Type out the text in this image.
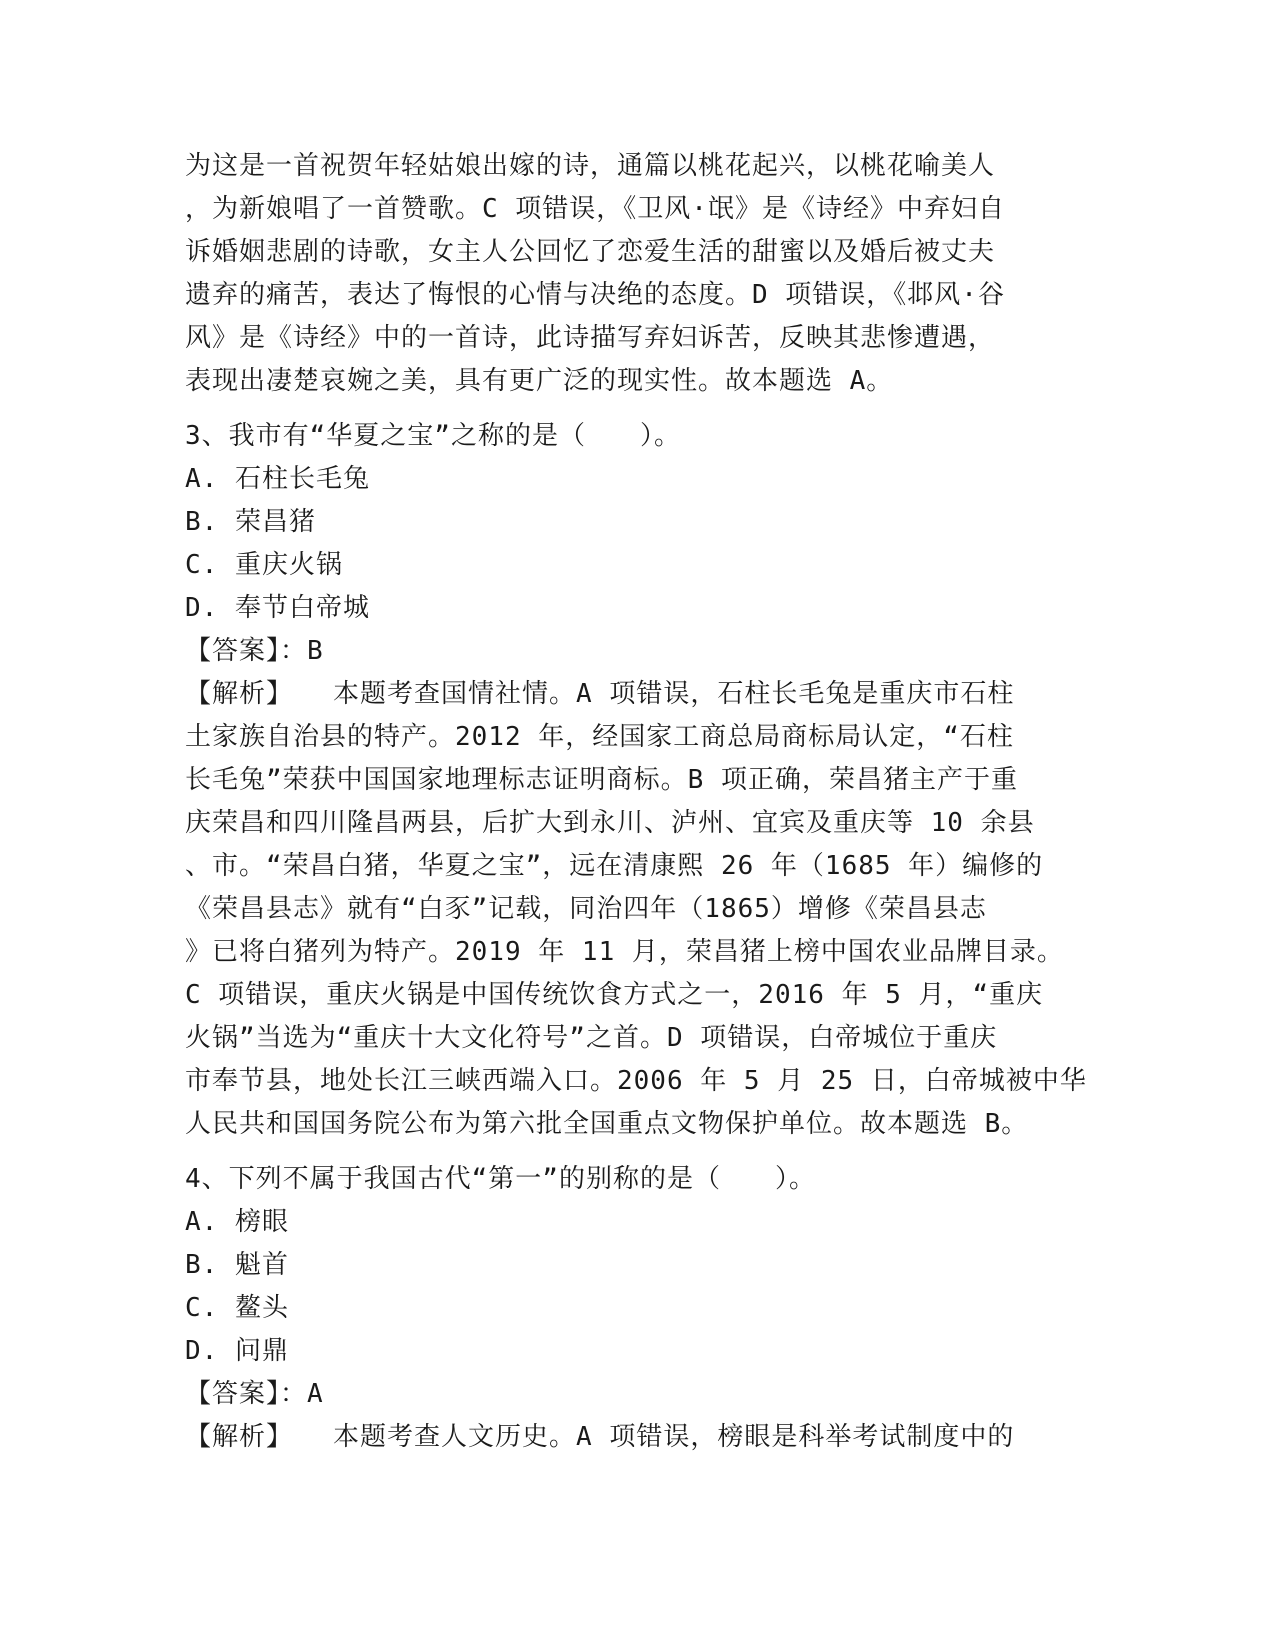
为这是一首祝贺年轻姑娘出嫁的诗，通篇以桃花起兴，以桃花喻美人
，为新娘唱了一首赞歌。C 项错误，《卫风·氓》是《诗经》中弃妇自
诉婚姻悲剧的诗歌，女主人公回忆了恋爱生活的甜蜜以及婚后被丈夫
遗弃的痛苦，表达了悔恨的心情与决绝的态度。D 项错误，《邶风·谷
风》是《诗经》中的一首诗，此诗描写弃妇诉苦，反映其悲惨遭遇，
表现出凄楚哀婉之美，具有更广泛的现实性。故本题选 A。
3、我市有“华夏之宝”之称的是（　　）。
A. 石柱长毛兔
B. 荣昌猪
C. 重庆火锅
D. 奉节白帝城
【答案】：B
【解析】 本题考查国情社情。A 项错误，石柱长毛兔是重庆市石柱
土家族自治县的特产。2012 年，经国家工商总局商标局认定，“石柱
长毛兔”荣获中国国家地理标志证明商标。B 项正确，荣昌猪主产于重
庆荣昌和四川隆昌两县，后扩大到永川、泸州、宜宾及重庆等 10 余县
、市。“荣昌白猪，华夏之宝”，远在清康熙 26 年（1685 年）编修的
《荣昌县志》就有“白豕”记载，同治四年（1865）增修《荣昌县志
》已将白猪列为特产。2019 年 11 月，荣昌猪上榜中国农业品牌目录。
C 项错误，重庆火锅是中国传统饮食方式之一，2016 年 5 月，“重庆
火锅”当选为“重庆十大文化符号”之首。D 项错误，白帝城位于重庆
市奉节县，地处长江三峡西端入口。2006 年 5 月 25 日，白帝城被中华
人民共和国国务院公布为第六批全国重点文物保护单位。故本题选 B。
4、下列不属于我国古代“第一”的别称的是（　　）。
A. 榜眼
B. 魁首
C. 鳌头
D. 问鼎
【答案】：A
【解析】 本题考查人文历史。A 项错误，榜眼是科举考试制度中的
